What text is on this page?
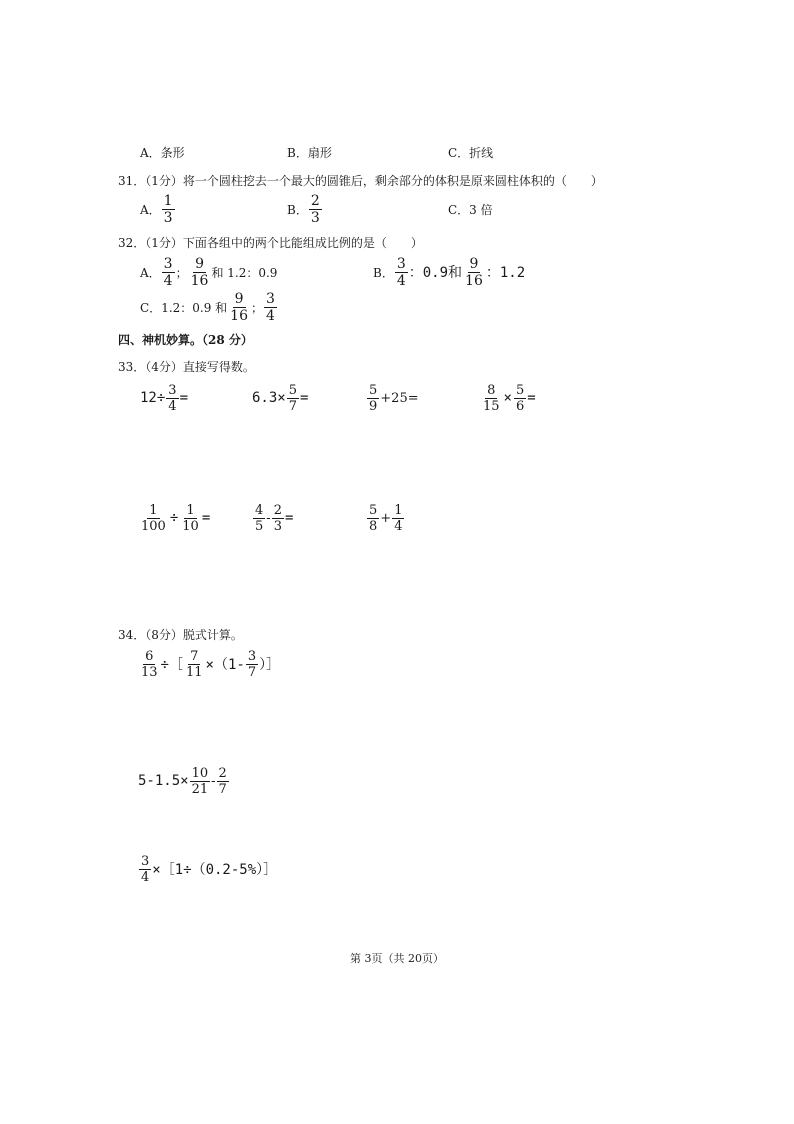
A．条形	B．扇形	C．折线
31．（1分）将一个圆柱挖去一个最大的圆锥后，剩余部分的体积是原来圆柱体积的（　　）
A． $\frac{1}{3}$	B． $\frac{2}{3}$	C．3 倍
32．（1分）下面各组中的两个比能组成比例的是（　　）
A． $\frac{3}{4}$ ； $\frac{9}{16}$ 和 1.2：0.9	B． $\frac{3}{4}$ ：0.9和 $\frac{9}{16}$ ：1.2
C． 1.2：0.9 和 $\frac{9}{16}$ ； $\frac{3}{4}$
四、神机妙算。（28 分）
33．（4分）直接写得数。
$12\div \frac{3}{4}$ =	$6.3\times \frac{5}{7}$ =	$\frac{5}{9} +25=$	$\frac{8}{15} \times \frac{5}{6}$ =
$\frac{1}{100} \div \frac{1}{10}$ =	$\frac{4}{5} - \frac{2}{3}$ =	$\frac{5}{8} + \frac{1}{4}$
34．（8分）脱式计算。
$\frac{6}{13}$ ÷［ $\frac{7}{11} \times(1- \frac{3}{7}$ ）］
$5-1.5\times \frac{10}{21} - \frac{2}{7}$
$\frac{3}{4}$ ×［1÷（0.2-5%）］
第 3页（共 20页）
